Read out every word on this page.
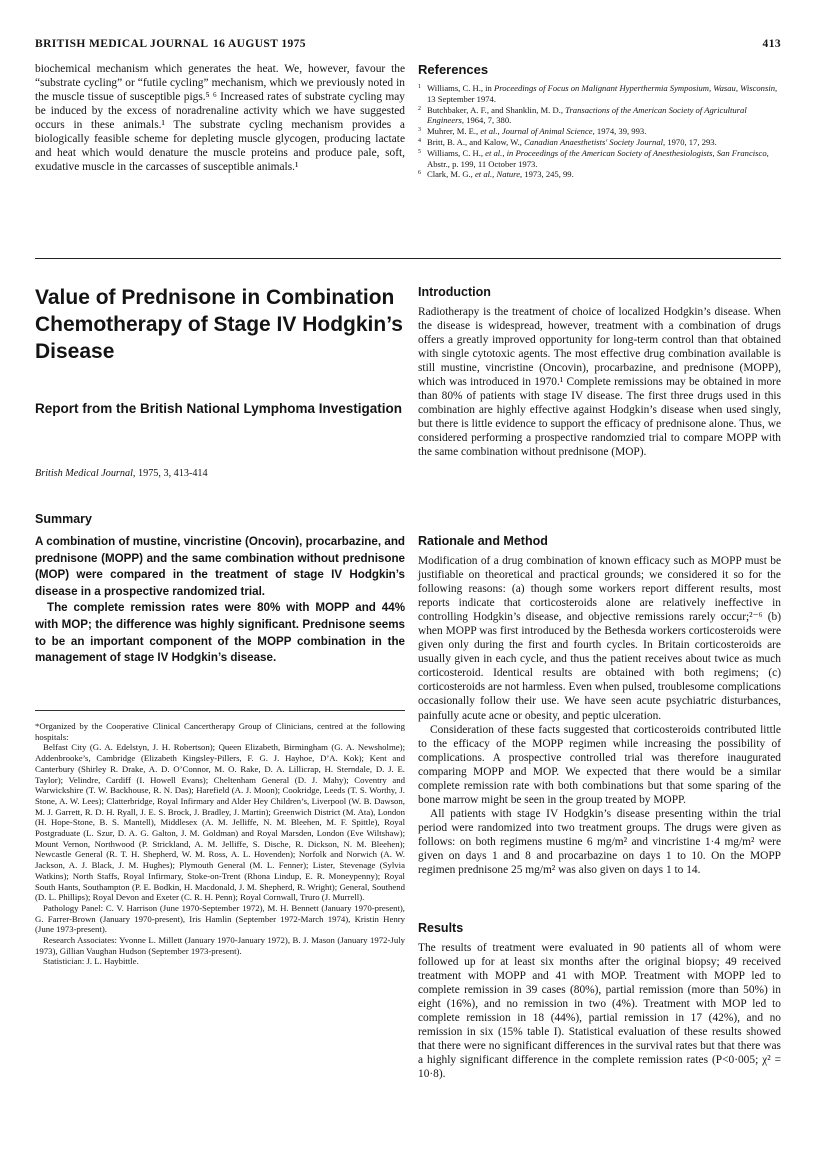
BRITISH MEDICAL JOURNAL 16 AUGUST 1975	413

biochemical mechanism which generates the heat. We, however, favour the “substrate cycling” or “futile cycling” mechanism, which we previously noted in the muscle tissue of susceptible pigs.⁵ ⁶ Increased rates of substrate cycling may be induced by the excess of noradrenaline activity which we have suggested occurs in these animals.¹ The substrate cycling mechanism provides a biologically feasible scheme for depleting muscle glycogen, producing lactate and heat which would denature the muscle proteins and produce pale, soft, exudative muscle in the carcasses of susceptible animals.¹

References

1 Williams, C. H., in Proceedings of Focus on Malignant Hyperthermia Symposium, Wasau, Wisconsin, 13 September 1974.

2 Butchbaker, A. F., and Shanklin, M. D., Transactions of the American Society of Agricultural Engineers, 1964, 7, 380.

3 Muhrer, M. E., et al., Journal of Animal Science, 1974, 39, 993.

4 Britt, B. A., and Kalow, W., Canadian Anaesthetists' Society Journal, 1970, 17, 293.

5 Williams, C. H., et al., in Proceedings of the American Society of Anesthesiologists, San Francisco, Abstr., p. 199, 11 October 1973.

6 Clark, M. G., et al., Nature, 1973, 245, 99.

Value of Prednisone in Combination Chemotherapy of Stage IV Hodgkin’s Disease
Report from the British National Lymphoma Investigation
British Medical Journal, 1975, 3, 413-414
Summary

A combination of mustine, vincristine (Oncovin), procarbazine, and prednisone (MOPP) and the same combination without prednisone (MOP) were compared in the treatment of stage IV Hodgkin’s disease in a prospective randomized trial.

The complete remission rates were 80% with MOPP and 44% with MOP; the difference was highly significant. Prednisone seems to be an important component of the MOPP combination in the management of stage IV Hodgkin’s disease.

*Organized by the Cooperative Clinical Cancertherapy Group of Clinicians, centred at the following hospitals:

Belfast City (G. A. Edelstyn, J. H. Robertson); Queen Elizabeth, Birmingham (G. A. Newsholme); Addenbrooke’s, Cambridge (Elizabeth Kingsley-Pillers, F. G. J. Hayhoe, D’A. Kok); Kent and Canterbury (Shirley R. Drake, A. D. O’Connor, M. O. Rake, D. A. Lillicrap, H. Sterndale, D. J. E. Taylor); Velindre, Cardiff (I. Howell Evans); Cheltenham General (D. J. Mahy); Coventry and Warwickshire (T. W. Backhouse, R. N. Das); Harefield (A. J. Moon); Cookridge, Leeds (T. S. Worthy, J. Stone, A. W. Lees); Clatterbridge, Royal Infirmary and Alder Hey Children’s, Liverpool (W. B. Dawson, M. J. Garrett, R. D. H. Ryall, J. E. S. Brock, J. Bradley, J. Martin); Greenwich District (M. Ata), London (H. Hope-Stone, B. S. Mantell), Middlesex (A. M. Jelliffe, N. M. Bleehen, M. F. Spittle), Royal Postgraduate (L. Szur, D. A. G. Galton, J. M. Goldman) and Royal Marsden, London (Eve Wiltshaw); Mount Vernon, Northwood (P. Strickland, A. M. Jelliffe, S. Dische, R. Dickson, N. M. Bleehen); Newcastle General (R. T. H. Shepherd, W. M. Ross, A. L. Hovenden); Norfolk and Norwich (A. W. Jackson, A. J. Black, J. M. Hughes); Plymouth General (M. L. Fenner); Lister, Stevenage (Sylvia Watkins); North Staffs, Royal Infirmary, Stoke-on-Trent (Rhona Lindup, E. R. Moneypenny); Royal South Hants, Southampton (P. E. Bodkin, H. Macdonald, J. M. Shepherd, R. Wright); General, Southend (D. L. Phillips); Royal Devon and Exeter (C. R. H. Penn); Royal Cornwall, Truro (J. Murrell).

Pathology Panel: C. V. Harrison (June 1970-September 1972), M. H. Bennett (January 1970-present), G. Farrer-Brown (January 1970-present), Iris Hamlin (September 1972-March 1974), Kristin Henry (June 1973-present).

Research Associates: Yvonne L. Millett (January 1970-January 1972), B. J. Mason (January 1972-July 1973), Gillian Vaughan Hudson (September 1973-present).

Statistician: J. L. Haybittle.

Introduction

Radiotherapy is the treatment of choice of localized Hodgkin’s disease. When the disease is widespread, however, treatment with a combination of drugs offers a greatly improved opportunity for long-term control than that obtained with single cytotoxic agents. The most effective drug combination available is still mustine, vincristine (Oncovin), procarbazine, and prednisone (MOPP), which was introduced in 1970.¹ Complete remissions may be obtained in more than 80% of patients with stage IV disease. The first three drugs used in this combination are highly effective against Hodgkin’s disease when used singly, but there is little evidence to support the efficacy of prednisone alone. Thus, we considered performing a prospective randomzied trial to compare MOPP with the same combination without prednisone (MOP).

Rationale and Method

Modification of a drug combination of known efficacy such as MOPP must be justifiable on theoretical and practical grounds; we considered it so for the following reasons: (a) though some workers report different results, most reports indicate that corticosteroids alone are relatively ineffective in controlling Hodgkin’s disease, and objective remissions rarely occur;²⁻⁶ (b) when MOPP was first introduced by the Bethesda workers corticosteroids were given only during the first and fourth cycles. In Britain corticosteroids are usually given in each cycle, and thus the patient receives about twice as much corticosteroid. Identical results are obtained with both regimens; (c) corticosteroids are not harmless. Even when pulsed, troublesome complications occasionally follow their use. We have seen acute psychiatric disturbances, painfully acute acne or obesity, and peptic ulceration.

Consideration of these facts suggested that corticosteroids contributed little to the efficacy of the MOPP regimen while increasing the possibility of complications. A prospective controlled trial was therefore inaugurated comparing MOPP and MOP. We expected that there would be a similar complete remission rate with both combinations but that some sparing of the bone marrow might be seen in the group treated by MOPP.

All patients with stage IV Hodgkin’s disease presenting within the trial period were randomized into two treatment groups. The drugs were given as follows: on both regimens mustine 6 mg/m² and vincristine 1·4 mg/m² were given on days 1 and 8 and procarbazine on days 1 to 10. On the MOPP regimen prednisone 25 mg/m² was also given on days 1 to 14.

Results

The results of treatment were evaluated in 90 patients all of whom were followed up for at least six months after the original biopsy; 49 received treatment with MOPP and 41 with MOP. Treatment with MOPP led to complete remission in 39 cases (80%), partial remission (more than 50%) in eight (16%), and no remission in two (4%). Treatment with MOP led to complete remission in 18 (44%), partial remission in 17 (42%), and no remission in six (15% table I). Statistical evaluation of these results showed that there were no significant differences in the survival rates but that there was a highly significant difference in the complete remission rates (P<0·005; χ² = 10·8).
